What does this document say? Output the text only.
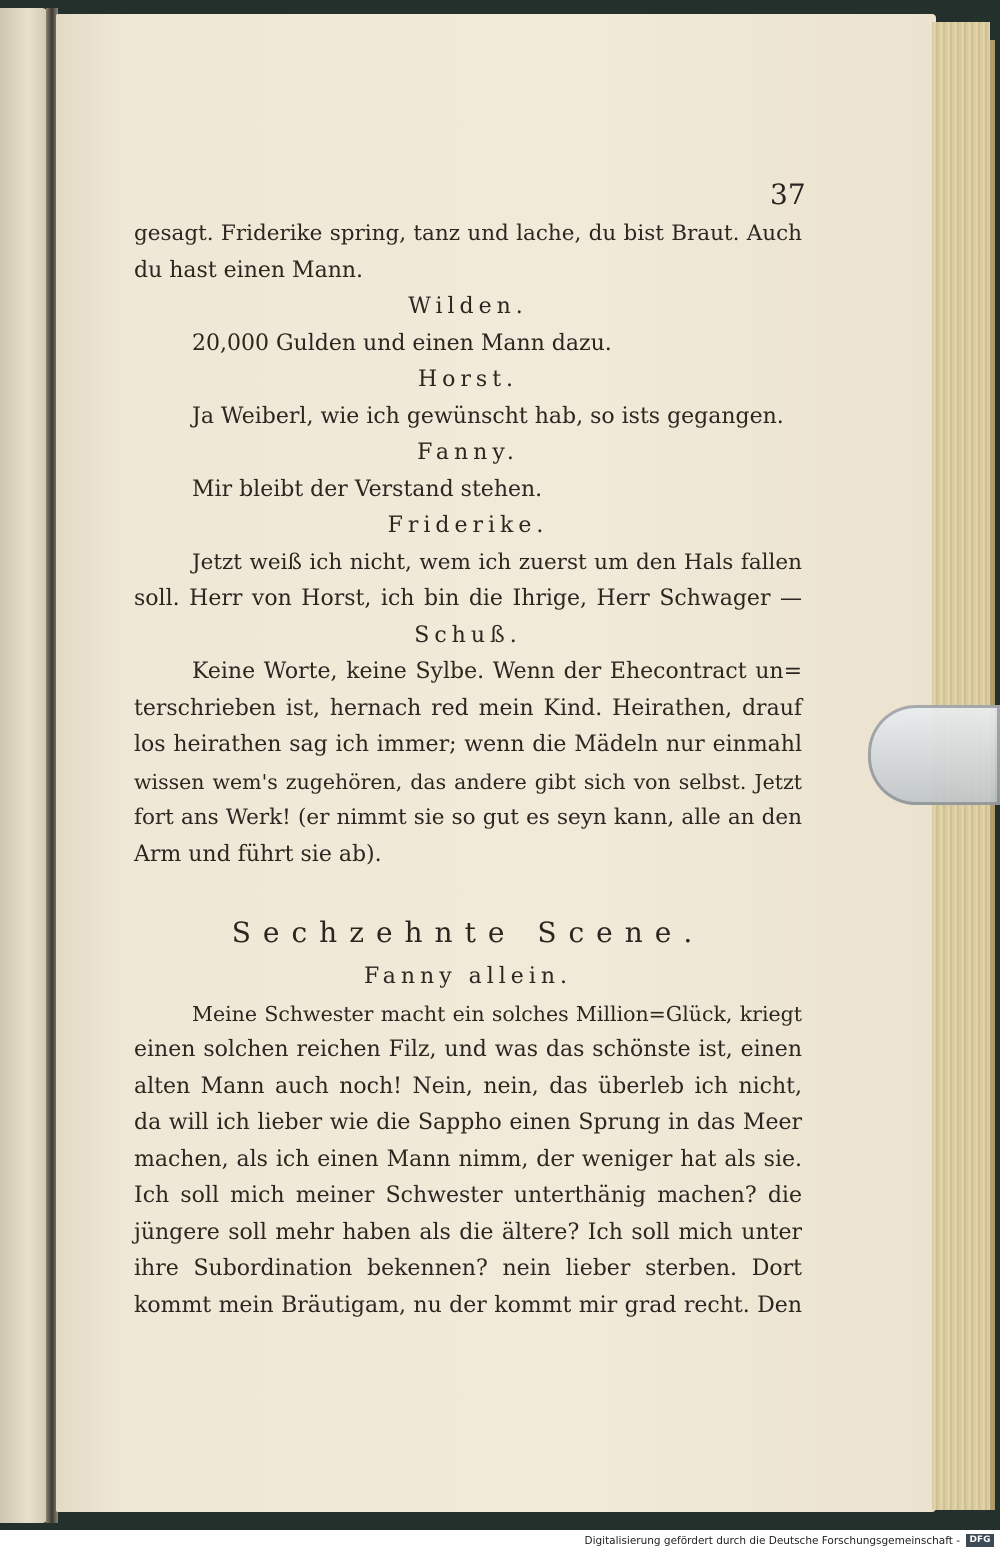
37
gesagt. Friderike spring, tanz und lache, du bist Braut. Auch
du hast einen Mann.
Wilden.
20,000 Gulden und einen Mann dazu.
Horst.
Ja Weiberl, wie ich gewünscht hab, so ists gegangen.
Fanny.
Mir bleibt der Verstand stehen.
Friderike.
Jetzt weiß ich nicht, wem ich zuerst um den Hals fallen
soll. Herr von Horst, ich bin die Ihrige, Herr Schwager —
Schuß.
Keine Worte, keine Sylbe. Wenn der Ehecontract un=
terschrieben ist, hernach red mein Kind. Heirathen, drauf
los heirathen sag ich immer; wenn die Mädeln nur einmahl
wissen wem's zugehören, das andere gibt sich von selbst. Jetzt
fort ans Werk! (er nimmt sie so gut es seyn kann, alle an den
Arm und führt sie ab).
Sechzehnte Scene.
Fanny allein.
Meine Schwester macht ein solches Million=Glück, kriegt
einen solchen reichen Filz, und was das schönste ist, einen
alten Mann auch noch! Nein, nein, das überleb ich nicht,
da will ich lieber wie die Sappho einen Sprung in das Meer
machen, als ich einen Mann nimm, der weniger hat als sie.
Ich soll mich meiner Schwester unterthänig machen? die
jüngere soll mehr haben als die ältere? Ich soll mich unter
ihre Subordination bekennen? nein lieber sterben. Dort
kommt mein Bräutigam, nu der kommt mir grad recht. Den
Digitalisierung gefördert durch die Deutsche Forschungsgemeinschaft -	DFG
